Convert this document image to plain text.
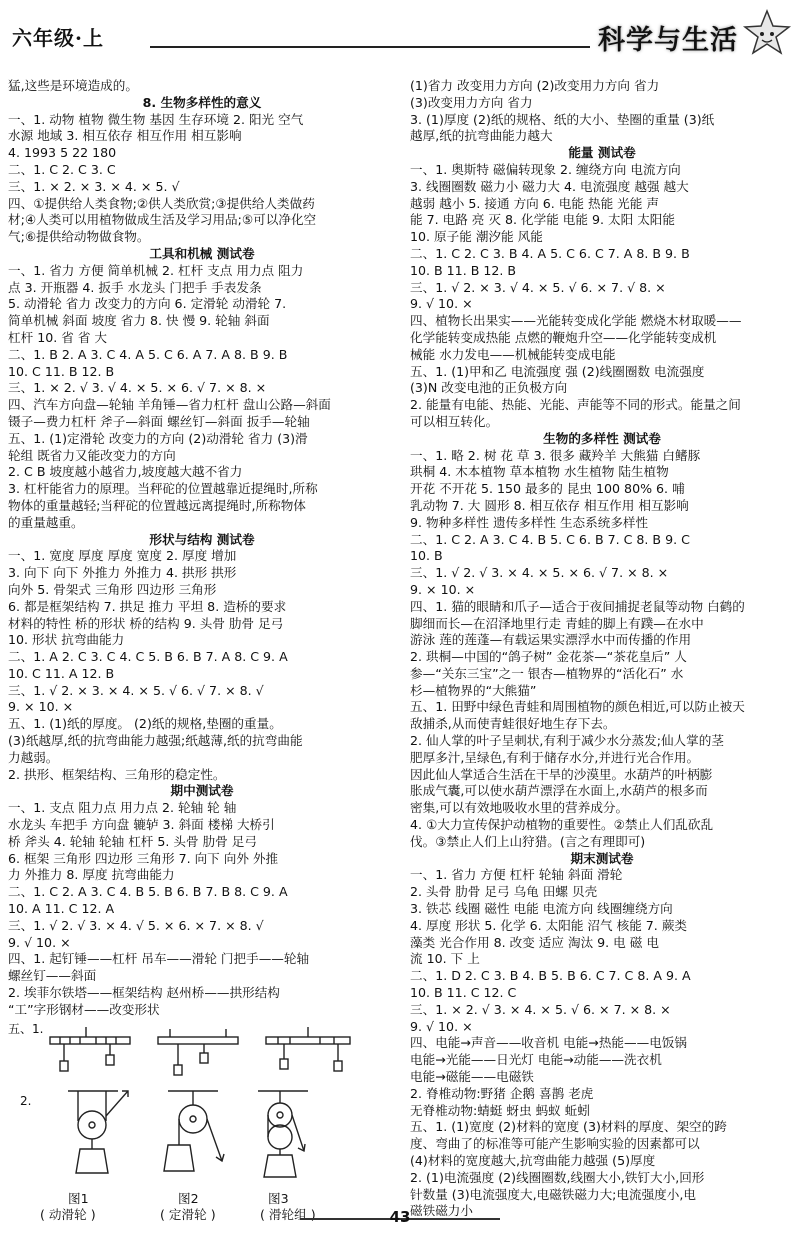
六年级·上	科学与生活
猛,这些是环境造成的。
8. 生物多样性的意义
一、1. 动物 植物 微生物 基因 生存环境 2. 阳光 空气
水源 地域 3. 相互依存 相互作用 相互影响
4. 1993 5 22 180
二、1. C 2. C 3. C
三、1. × 2. × 3. × 4. × 5. √
四、①提供给人类食物;②供人类欣赏;③提供给人类做药
材;④人类可以用植物做成生活及学习用品;⑤可以净化空
气;⑥提供给动物做食物。
工具和机械 测试卷
一、1. 省力 方便 简单机械 2. 杠杆 支点 用力点 阻力
点 3. 开瓶器 4. 扳手 水龙头 门把手 手表发条
5. 动滑轮 省力 改变力的方向 6. 定滑轮 动滑轮 7.
简单机械 斜面 坡度 省力 8. 快 慢 9. 轮轴 斜面
杠杆 10. 省 省 大
二、1. B 2. A 3. C 4. A 5. C 6. A 7. A 8. B 9. B
10. C 11. B 12. B
三、1. × 2. √ 3. √ 4. × 5. × 6. √ 7. × 8. ×
四、汽车方向盘—轮轴 羊角锤—省力杠杆 盘山公路—斜面
镊子—费力杠杆 斧子—斜面 螺丝钉—斜面 扳手—轮轴
五、1. (1)定滑轮 改变力的方向 (2)动滑轮 省力 (3)滑
轮组 既省力又能改变力的方向
2. C B 坡度越小越省力,坡度越大越不省力
3. 杠杆能省力的原理。当秤砣的位置越靠近提绳时,所称
物体的重量越轻;当秤砣的位置越远离提绳时,所称物体
的重量越重。
形状与结构 测试卷
一、1. 宽度 厚度 厚度 宽度 2. 厚度 增加
3. 向下 向下 外推力 外推力 4. 拱形 拱形
向外 5. 骨架式 三角形 四边形 三角形
6. 都是框架结构 7. 拱足 推力 平坦 8. 造桥的要求
材料的特性 桥的形状 桥的结构 9. 头骨 肋骨 足弓
10. 形状 抗弯曲能力
二、1. A 2. C 3. C 4. C 5. B 6. B 7. A 8. C 9. A
10. C 11. A 12. B
三、1. √ 2. × 3. × 4. × 5. √ 6. √ 7. × 8. √
9. × 10. ×
五、1. (1)纸的厚度。 (2)纸的规格,垫圈的重量。
(3)纸越厚,纸的抗弯曲能力越强;纸越薄,纸的抗弯曲能
力越弱。
2. 拱形、框架结构、三角形的稳定性。
期中测试卷
一、1. 支点 阻力点 用力点 2. 轮轴 轮 轴
水龙头 车把手 方向盘 辘轳 3. 斜面 楼梯 大桥引
桥 斧头 4. 轮轴 轮轴 杠杆 5. 头骨 肋骨 足弓
6. 框架 三角形 四边形 三角形 7. 向下 向外 外推
力 外推力 8. 厚度 抗弯曲能力
二、1. C 2. A 3. C 4. B 5. B 6. B 7. B 8. C 9. A
10. A 11. C 12. A
三、1. √ 2. √ 3. × 4. √ 5. × 6. × 7. × 8. √
9. √ 10. ×
四、1. 起钉锤——杠杆 吊车——滑轮 门把手——轮轴
螺丝钉——斜面
2. 埃菲尔铁塔——框架结构 赵州桥——拱形结构
“工”字形钢材——改变形状
五、1.
2.
图1	图2	图3
( 动滑轮 )	( 定滑轮 )	( 滑轮组 )
(1)省力 改变用力方向 (2)改变用力方向 省力
(3)改变用力方向 省力
3. (1)厚度 (2)纸的规格、纸的大小、垫圈的重量 (3)纸
越厚,纸的抗弯曲能力越大
能量 测试卷
一、1. 奥斯特 磁偏转现象 2. 缠绕方向 电流方向
3. 线圈圈数 磁力小 磁力大 4. 电流强度 越强 越大
越弱 越小 5. 接通 方向 6. 电能 热能 光能 声
能 7. 电路 亮 灭 8. 化学能 电能 9. 太阳 太阳能
10. 原子能 潮汐能 风能
二、1. C 2. C 3. B 4. A 5. C 6. C 7. A 8. B 9. B
10. B 11. B 12. B
三、1. √ 2. × 3. √ 4. × 5. √ 6. × 7. √ 8. ×
9. √ 10. ×
四、植物长出果实——光能转变成化学能 燃烧木材取暖——
化学能转变成热能 点燃的鞭炮升空——化学能转变成机
械能 水力发电——机械能转变成电能
五、1. (1)甲和乙 电流强度 强 (2)线圈圈数 电流强度
(3)N 改变电池的正负极方向
2. 能量有电能、热能、光能、声能等不同的形式。能量之间
可以相互转化。
生物的多样性 测试卷
一、1. 略 2. 树 花 草 3. 很多 藏羚羊 大熊猫 白鳍豚
珙桐 4. 木本植物 草本植物 水生植物 陆生植物
开花 不开花 5. 150 最多的 昆虫 100 80% 6. 哺
乳动物 7. 大 圆形 8. 相互依存 相互作用 相互影响
9. 物种多样性 遗传多样性 生态系统多样性
二、1. C 2. A 3. C 4. B 5. C 6. B 7. C 8. B 9. C
10. B
三、1. √ 2. √ 3. × 4. × 5. × 6. √ 7. × 8. ×
9. × 10. ×
四、1. 猫的眼睛和爪子—适合于夜间捕捉老鼠等动物 白鹤的
脚细而长—在沼泽地里行走 青蛙的脚上有蹼—在水中
游泳 莲的莲蓬—有载运果实漂浮水中而传播的作用
2. 珙桐—中国的“鸽子树” 金花茶—“茶花皇后” 人
参—“关东三宝”之一 银杏—植物界的“活化石” 水
杉—植物界的“大熊猫”
五、1. 田野中绿色青蛙和周围植物的颜色相近,可以防止被天
敌捕杀,从而使青蛙很好地生存下去。
2. 仙人掌的叶子呈刺状,有利于减少水分蒸发;仙人掌的茎
肥厚多汁,呈绿色,有利于储存水分,并进行光合作用。
因此仙人掌适合生活在干旱的沙漠里。水葫芦的叶柄膨
胀成气囊,可以使水葫芦漂浮在水面上,水葫芦的根多而
密集,可以有效地吸收水里的营养成分。
4. ①大力宣传保护动植物的重要性。②禁止人们乱砍乱
伐。③禁止人们上山狩猎。(言之有理即可)
期末测试卷
一、1. 省力 方便 杠杆 轮轴 斜面 滑轮
2. 头骨 肋骨 足弓 乌龟 田螺 贝壳
3. 铁芯 线圈 磁性 电能 电流方向 线圈缠绕方向
4. 厚度 形状 5. 化学 6. 太阳能 沼气 核能 7. 蕨类
藻类 光合作用 8. 改变 适应 淘汰 9. 电 磁 电
流 10. 下 上
二、1. D 2. C 3. B 4. B 5. B 6. C 7. C 8. A 9. A
10. B 11. C 12. C
三、1. × 2. √ 3. × 4. × 5. √ 6. × 7. × 8. ×
9. √ 10. ×
四、电能→声音——收音机 电能→热能——电饭锅
电能→光能——日光灯 电能→动能——洗衣机
电能→磁能——电磁铁
2. 脊椎动物:野猪 企鹅 喜鹊 老虎
无脊椎动物:蜻蜓 蚜虫 蚂蚁 蚯蚓
五、1. (1)宽度 (2)材料的宽度 (3)材料的厚度、架空的跨
度、弯曲了的标准等可能产生影响实验的因素都可以
(4)材料的宽度越大,抗弯曲能力越强 (5)厚度
2. (1)电流强度 (2)线圈圈数,线圈大小,铁钉大小,回形
针数量 (3)电流强度大,电磁铁磁力大;电流强度小,电
磁铁磁力小
43
